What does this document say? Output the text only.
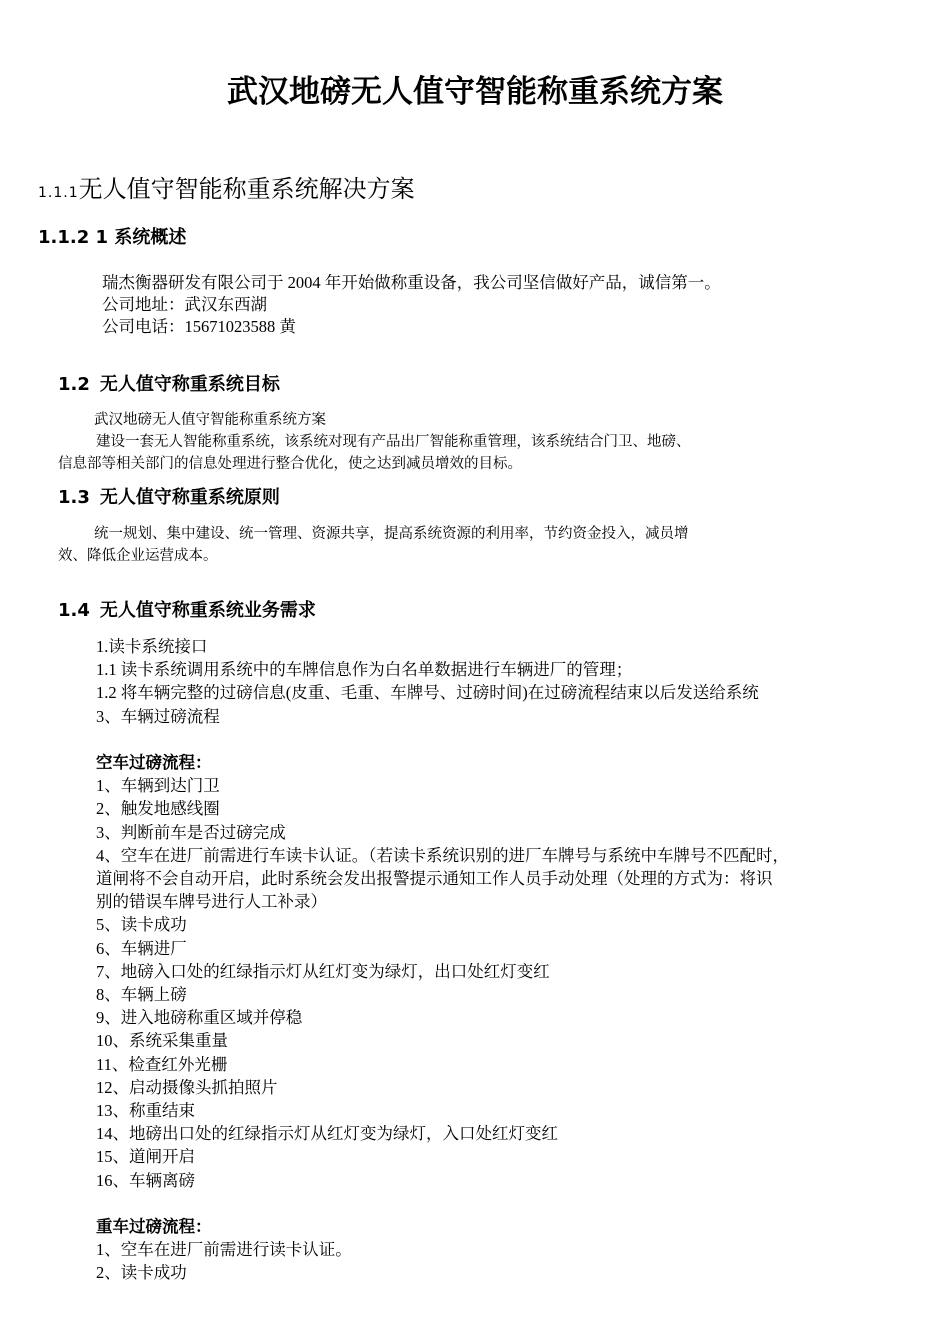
武汉地磅无人值守智能称重系统方案
1.1.1无人值守智能称重系统解决方案
1.1.2 1 系统概述
瑞杰衡器研发有限公司于 2004 年开始做称重设备，我公司坚信做好产品，诚信第一。
公司地址：武汉东西湖
公司电话：15671023588 黄
1.2 无人值守称重系统目标
武汉地磅无人值守智能称重系统方案
建设一套无人智能称重系统，该系统对现有产品出厂智能称重管理，该系统结合门卫、地磅、
信息部等相关部门的信息处理进行整合优化，使之达到减员增效的目标。
1.3 无人值守称重系统原则
统一规划、集中建设、统一管理、资源共享，提高系统资源的利用率，节约资金投入，减员增
效、降低企业运营成本。
1.4 无人值守称重系统业务需求
1.读卡系统接口
1.1 读卡系统调用系统中的车牌信息作为白名单数据进行车辆进厂的管理；
1.2 将车辆完整的过磅信息(皮重、毛重、车牌号、过磅时间)在过磅流程结束以后发送给系统
3、车辆过磅流程
空车过磅流程：
1、车辆到达门卫
2、触发地感线圈
3、判断前车是否过磅完成
4、空车在进厂前需进行车读卡认证。（若读卡系统识别的进厂车牌号与系统中车牌号不匹配时，
道闸将不会自动开启，此时系统会发出报警提示通知工作人员手动处理（处理的方式为：将识
别的错误车牌号进行人工补录）
5、读卡成功
6、车辆进厂
7、地磅入口处的红绿指示灯从红灯变为绿灯，出口处红灯变红
8、车辆上磅
9、进入地磅称重区域并停稳
10、系统采集重量
11、检查红外光栅
12、启动摄像头抓拍照片
13、称重结束
14、地磅出口处的红绿指示灯从红灯变为绿灯，入口处红灯变红
15、道闸开启
16、车辆离磅
重车过磅流程：
1、空车在进厂前需进行读卡认证。
2、读卡成功
